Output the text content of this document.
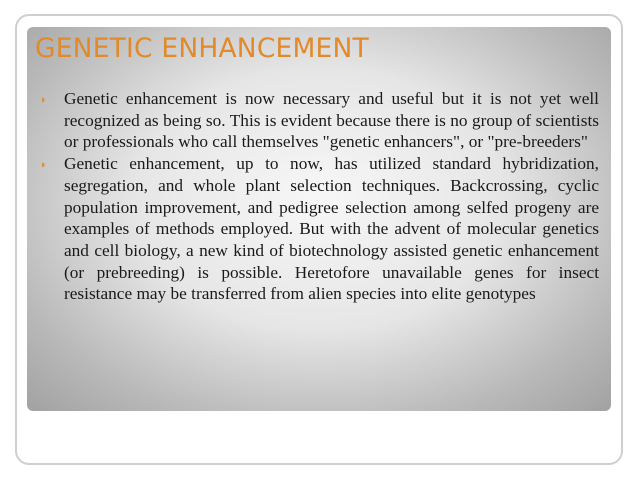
GENETIC ENHANCEMENT
◗ Genetic enhancement is now necessary and useful but it is not yet well recognized as being so. This is evident because there is no group of scientists or professionals who call themselves "genetic enhancers", or "pre-breeders"
◗ Genetic enhancement, up to now, has utilized standard hybridization, segregation, and whole plant selection techniques. Backcrossing, cyclic population improvement, and pedigree selection among selfed progeny are examples of methods employed. But with the advent of molecular genetics and cell biology, a new kind of biotechnology assisted genetic enhancement (or prebreeding) is possible. Heretofore unavailable genes for insect resistance may be transferred from alien species into elite genotypes
